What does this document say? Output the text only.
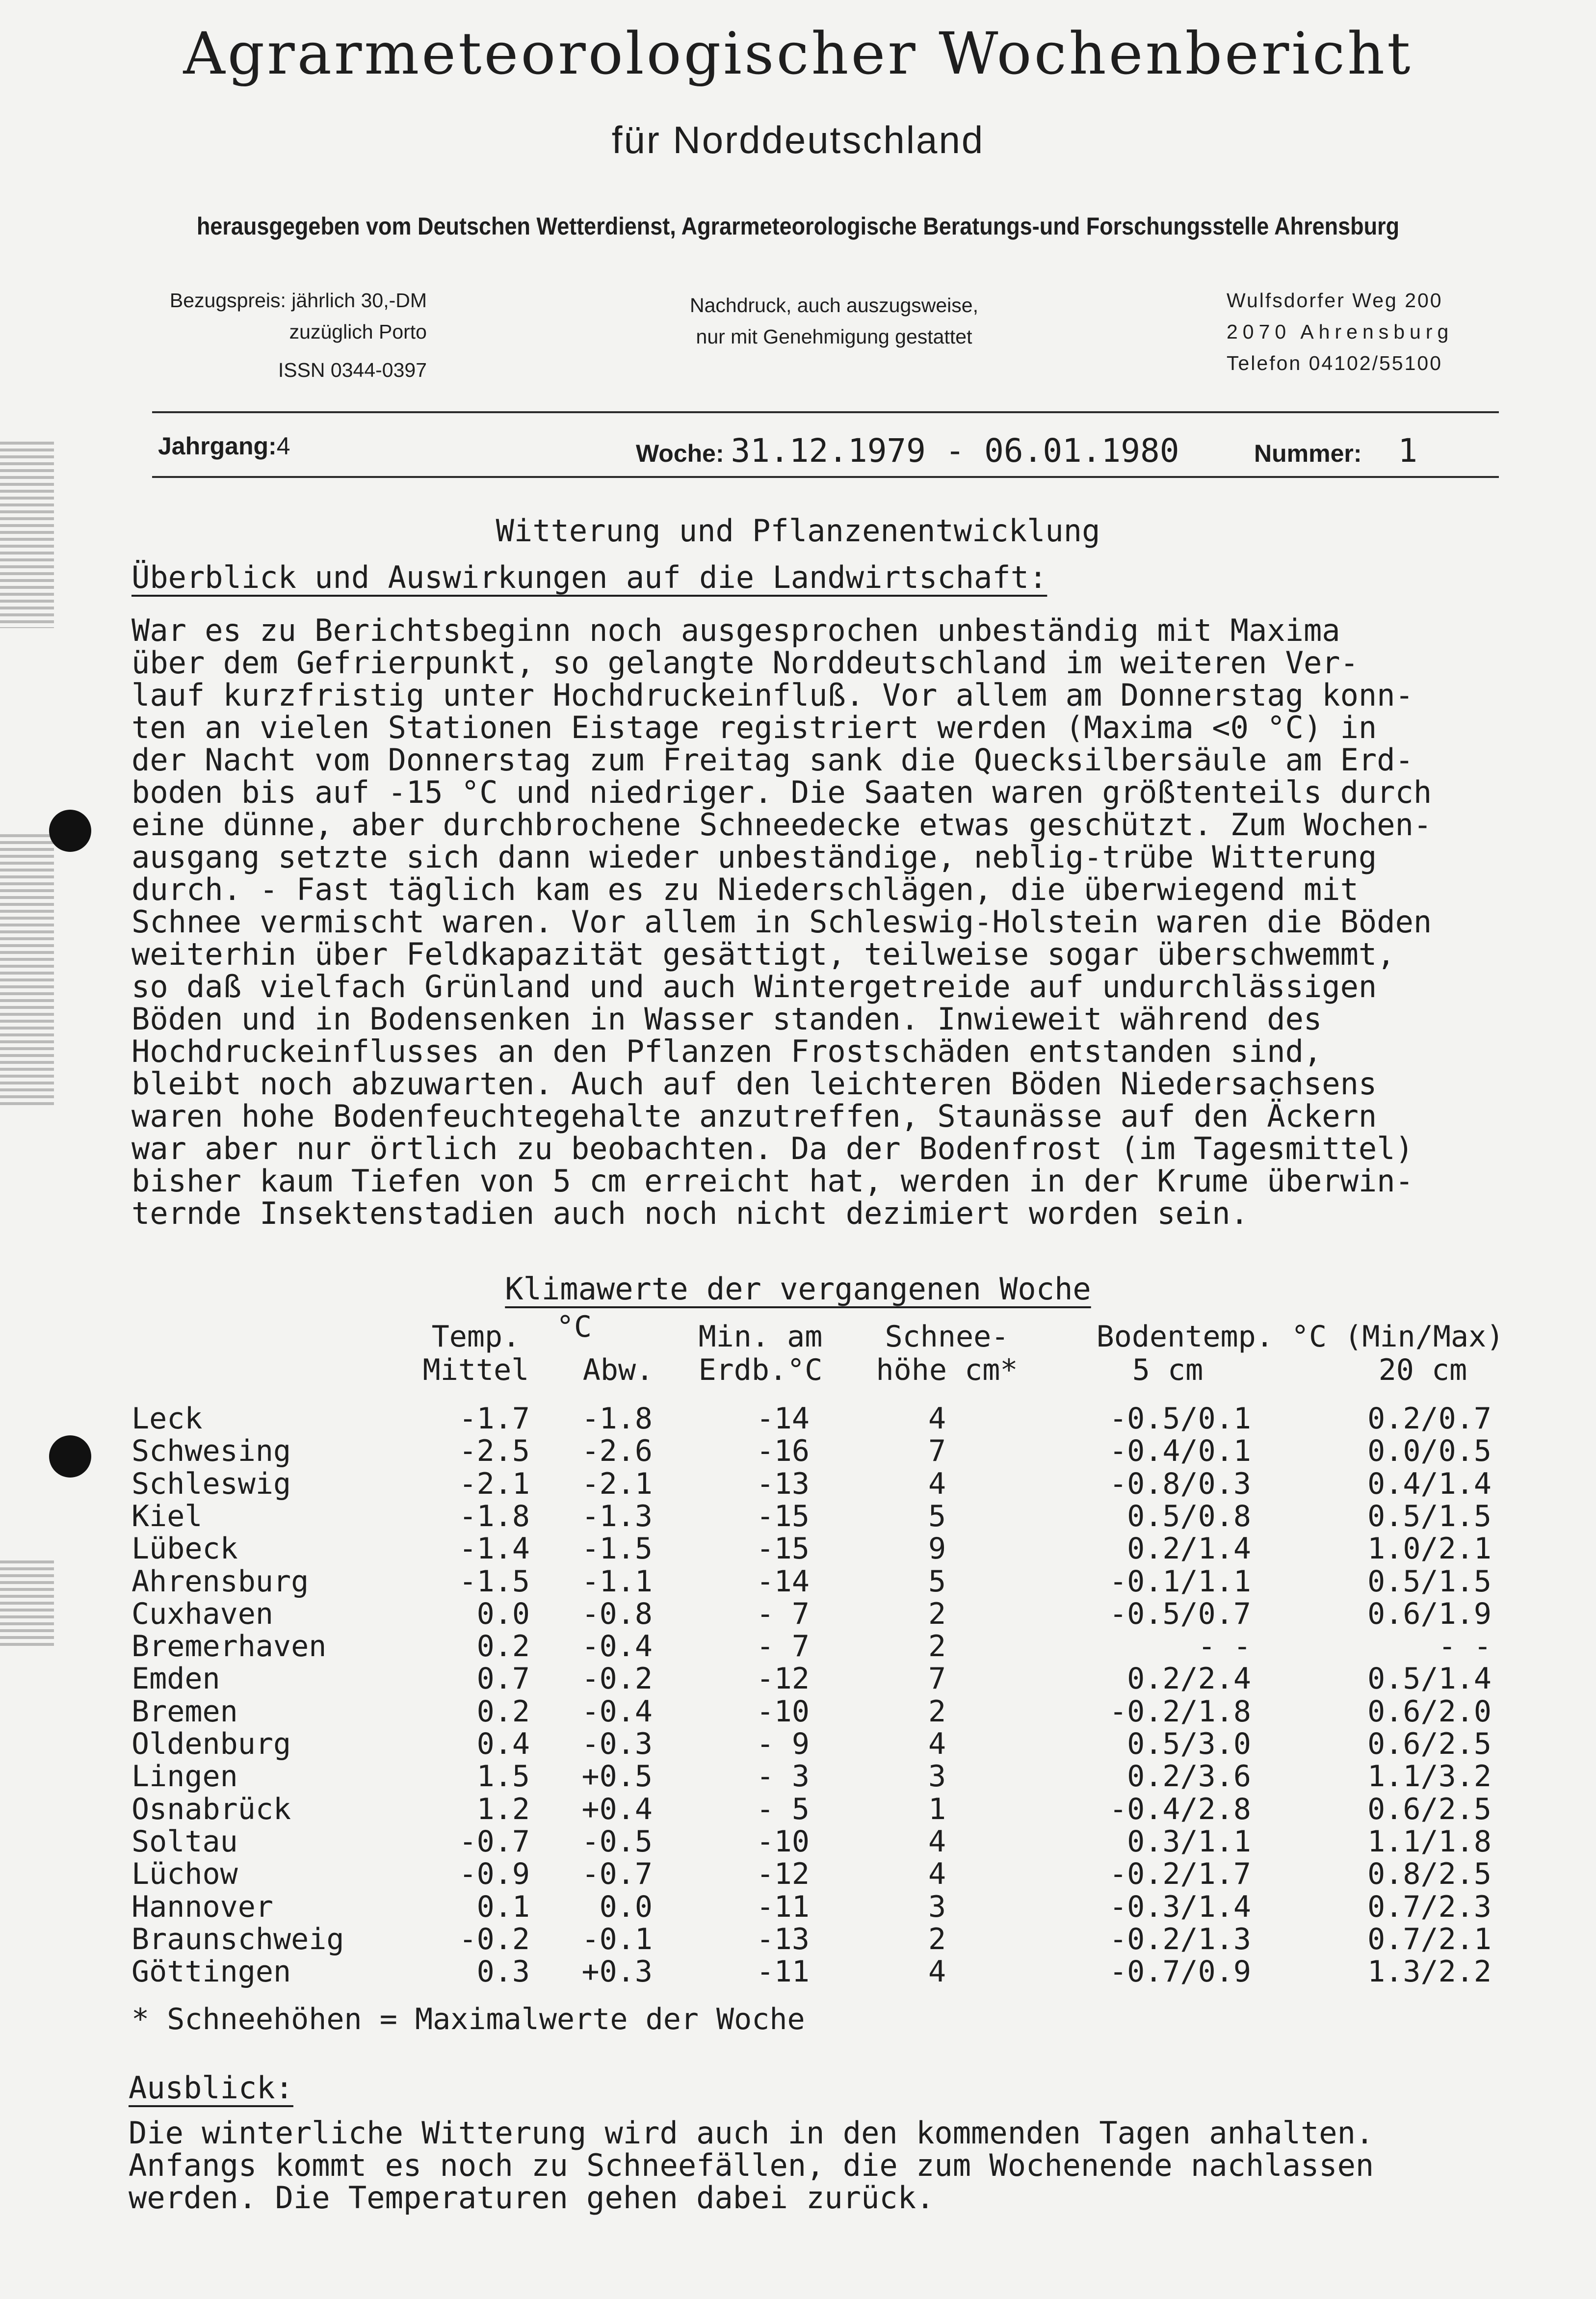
Agrarmeteorologischer Wochenbericht
für Norddeutschland
herausgegeben vom Deutschen Wetterdienst, Agrarmeteorologische Beratungs-und Forschungsstelle Ahrensburg
Bezugspreis: jährlich 30,-DM
zuzüglich Porto
ISSN 0344-0397
Nachdruck, auch auszugsweise,
nur mit Genehmigung gestattet
Wulfsdorfer Weg 200
2070 Ahrensburg
Telefon 04102/55100
Jahrgang:4	Woche: 31.12.1979 - 06.01.1980	Nummer: 1
Witterung und Pflanzenentwicklung
Überblick und Auswirkungen auf die Landwirtschaft:
War es zu Berichtsbeginn noch ausgesprochen unbeständig mit Maxima
über dem Gefrierpunkt, so gelangte Norddeutschland im weiteren Ver-
lauf kurzfristig unter Hochdruckeinfluß. Vor allem am Donnerstag konn-
ten an vielen Stationen Eistage registriert werden (Maxima <0 °C) in
der Nacht vom Donnerstag zum Freitag sank die Quecksilbersäule am Erd-
boden bis auf -15 °C und niedriger. Die Saaten waren größtenteils durch
eine dünne, aber durchbrochene Schneedecke etwas geschützt. Zum Wochen-
ausgang setzte sich dann wieder unbeständige, neblig-trübe Witterung
durch. - Fast täglich kam es zu Niederschlägen, die überwiegend mit
Schnee vermischt waren. Vor allem in Schleswig-Holstein waren die Böden
weiterhin über Feldkapazität gesättigt, teilweise sogar überschwemmt,
so daß vielfach Grünland und auch Wintergetreide auf undurchlässigen
Böden und in Bodensenken in Wasser standen. Inwieweit während des
Hochdruckeinflusses an den Pflanzen Frostschäden entstanden sind,
bleibt noch abzuwarten. Auch auf den leichteren Böden Niedersachsens
waren hohe Bodenfeuchtegehalte anzutreffen, Staunässe auf den Äckern
war aber nur örtlich zu beobachten. Da der Bodenfrost (im Tagesmittel)
bisher kaum Tiefen von 5 cm erreicht hat, werden in der Krume überwin-
ternde Insektenstadien auch noch nicht dezimiert worden sein.
Klimawerte der vergangenen Woche
Temp.	°C
Mittel	Abw.
Min. am
Erdb.°C
Schnee-
höhe cm*
Bodentemp. °C (Min/Max)
5 cm	20 cm
Leck	-1.7	-1.8	-14	4	-0.5/0.1	0.2/0.7
Schwesing	-2.5	-2.6	-16	7	-0.4/0.1	0.0/0.5
Schleswig	-2.1	-2.1	-13	4	-0.8/0.3	0.4/1.4
Kiel	-1.8	-1.3	-15	5	0.5/0.8	0.5/1.5
Lübeck	-1.4	-1.5	-15	9	0.2/1.4	1.0/2.1
Ahrensburg	-1.5	-1.1	-14	5	-0.1/1.1	0.5/1.5
Cuxhaven	0.0	-0.8	- 7	2	-0.5/0.7	0.6/1.9
Bremerhaven	0.2	-0.4	- 7	2	- -	- -
Emden	0.7	-0.2	-12	7	0.2/2.4	0.5/1.4
Bremen	0.2	-0.4	-10	2	-0.2/1.8	0.6/2.0
Oldenburg	0.4	-0.3	- 9	4	0.5/3.0	0.6/2.5
Lingen	1.5	+0.5	- 3	3	0.2/3.6	1.1/3.2
Osnabrück	1.2	+0.4	- 5	1	-0.4/2.8	0.6/2.5
Soltau	-0.7	-0.5	-10	4	0.3/1.1	1.1/1.8
Lüchow	-0.9	-0.7	-12	4	-0.2/1.7	0.8/2.5
Hannover	0.1	0.0	-11	3	-0.3/1.4	0.7/2.3
Braunschweig	-0.2	-0.1	-13	2	-0.2/1.3	0.7/2.1
Göttingen	0.3	+0.3	-11	4	-0.7/0.9	1.3/2.2
* Schneehöhen = Maximalwerte der Woche
Ausblick:
Die winterliche Witterung wird auch in den kommenden Tagen anhalten.
Anfangs kommt es noch zu Schneefällen, die zum Wochenende nachlassen
werden. Die Temperaturen gehen dabei zurück.
